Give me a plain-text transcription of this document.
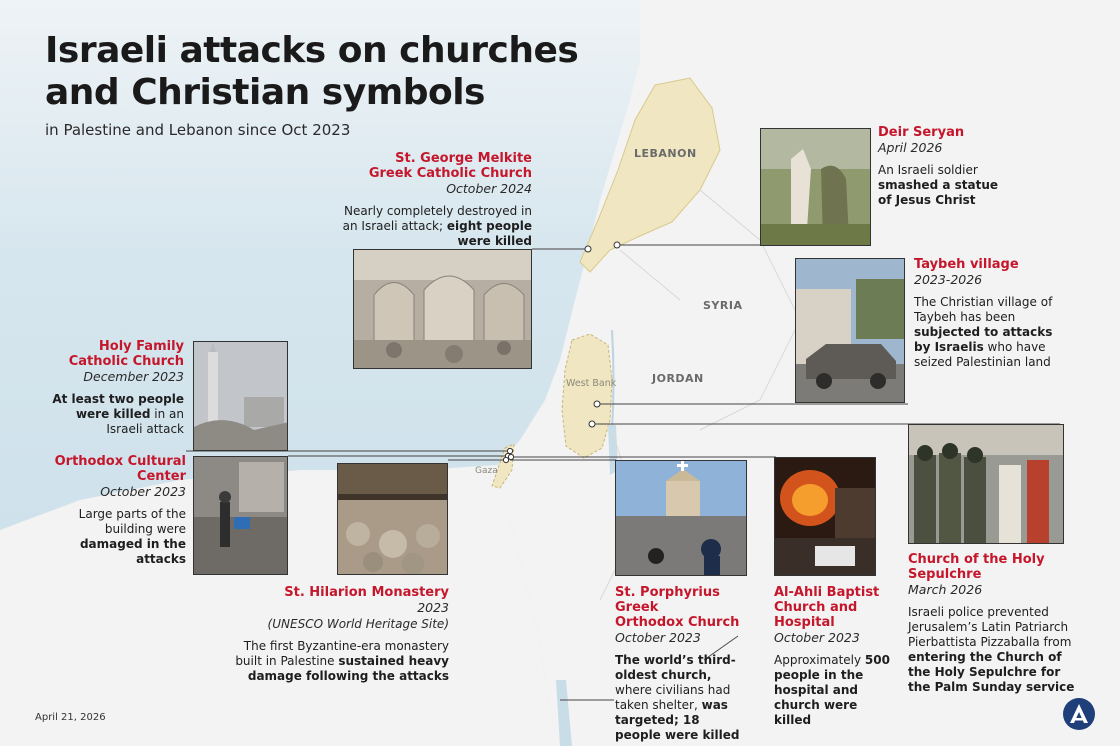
Israeli attacks on churches
and Christian symbols
in Palestine and Lebanon since Oct 2023
LEBANON
SYRIA
JORDAN
West Bank
Gaza
St. George Melkite
Greek Catholic Church
October 2024
Nearly completely destroyed in an Israeli attack; eight people were killed
Deir Seryan
April 2026
An Israeli soldier smashed a statue of Jesus Christ
Taybeh village
2023-2026
The Christian village of Taybeh has been subjected to attacks by Israelis who have seized Palestinian land
Holy Family
Catholic Church
December 2023
At least two people were killed in an Israeli attack
Orthodox Cultural
Center
October 2023
Large parts of the building were damaged in the attacks
St. Hilarion Monastery
2023
(UNESCO World Heritage Site)
The first Byzantine-era monastery built in Palestine sustained heavy damage following the attacks
St. Porphyrius Greek
Orthodox Church
October 2023
The world’s third-oldest church, where civilians had taken shelter, was targeted; 18 people were killed
Al-Ahli Baptist
Church and
Hospital
October 2023
Approximately 500 people in the hospital and church were killed
Church of the Holy
Sepulchre
March 2026
Israeli police prevented Jerusalem’s Latin Patriarch Pierbattista Pizzaballa from entering the Church of the Holy Sepulchre for the Palm Sunday service
April 21, 2026
